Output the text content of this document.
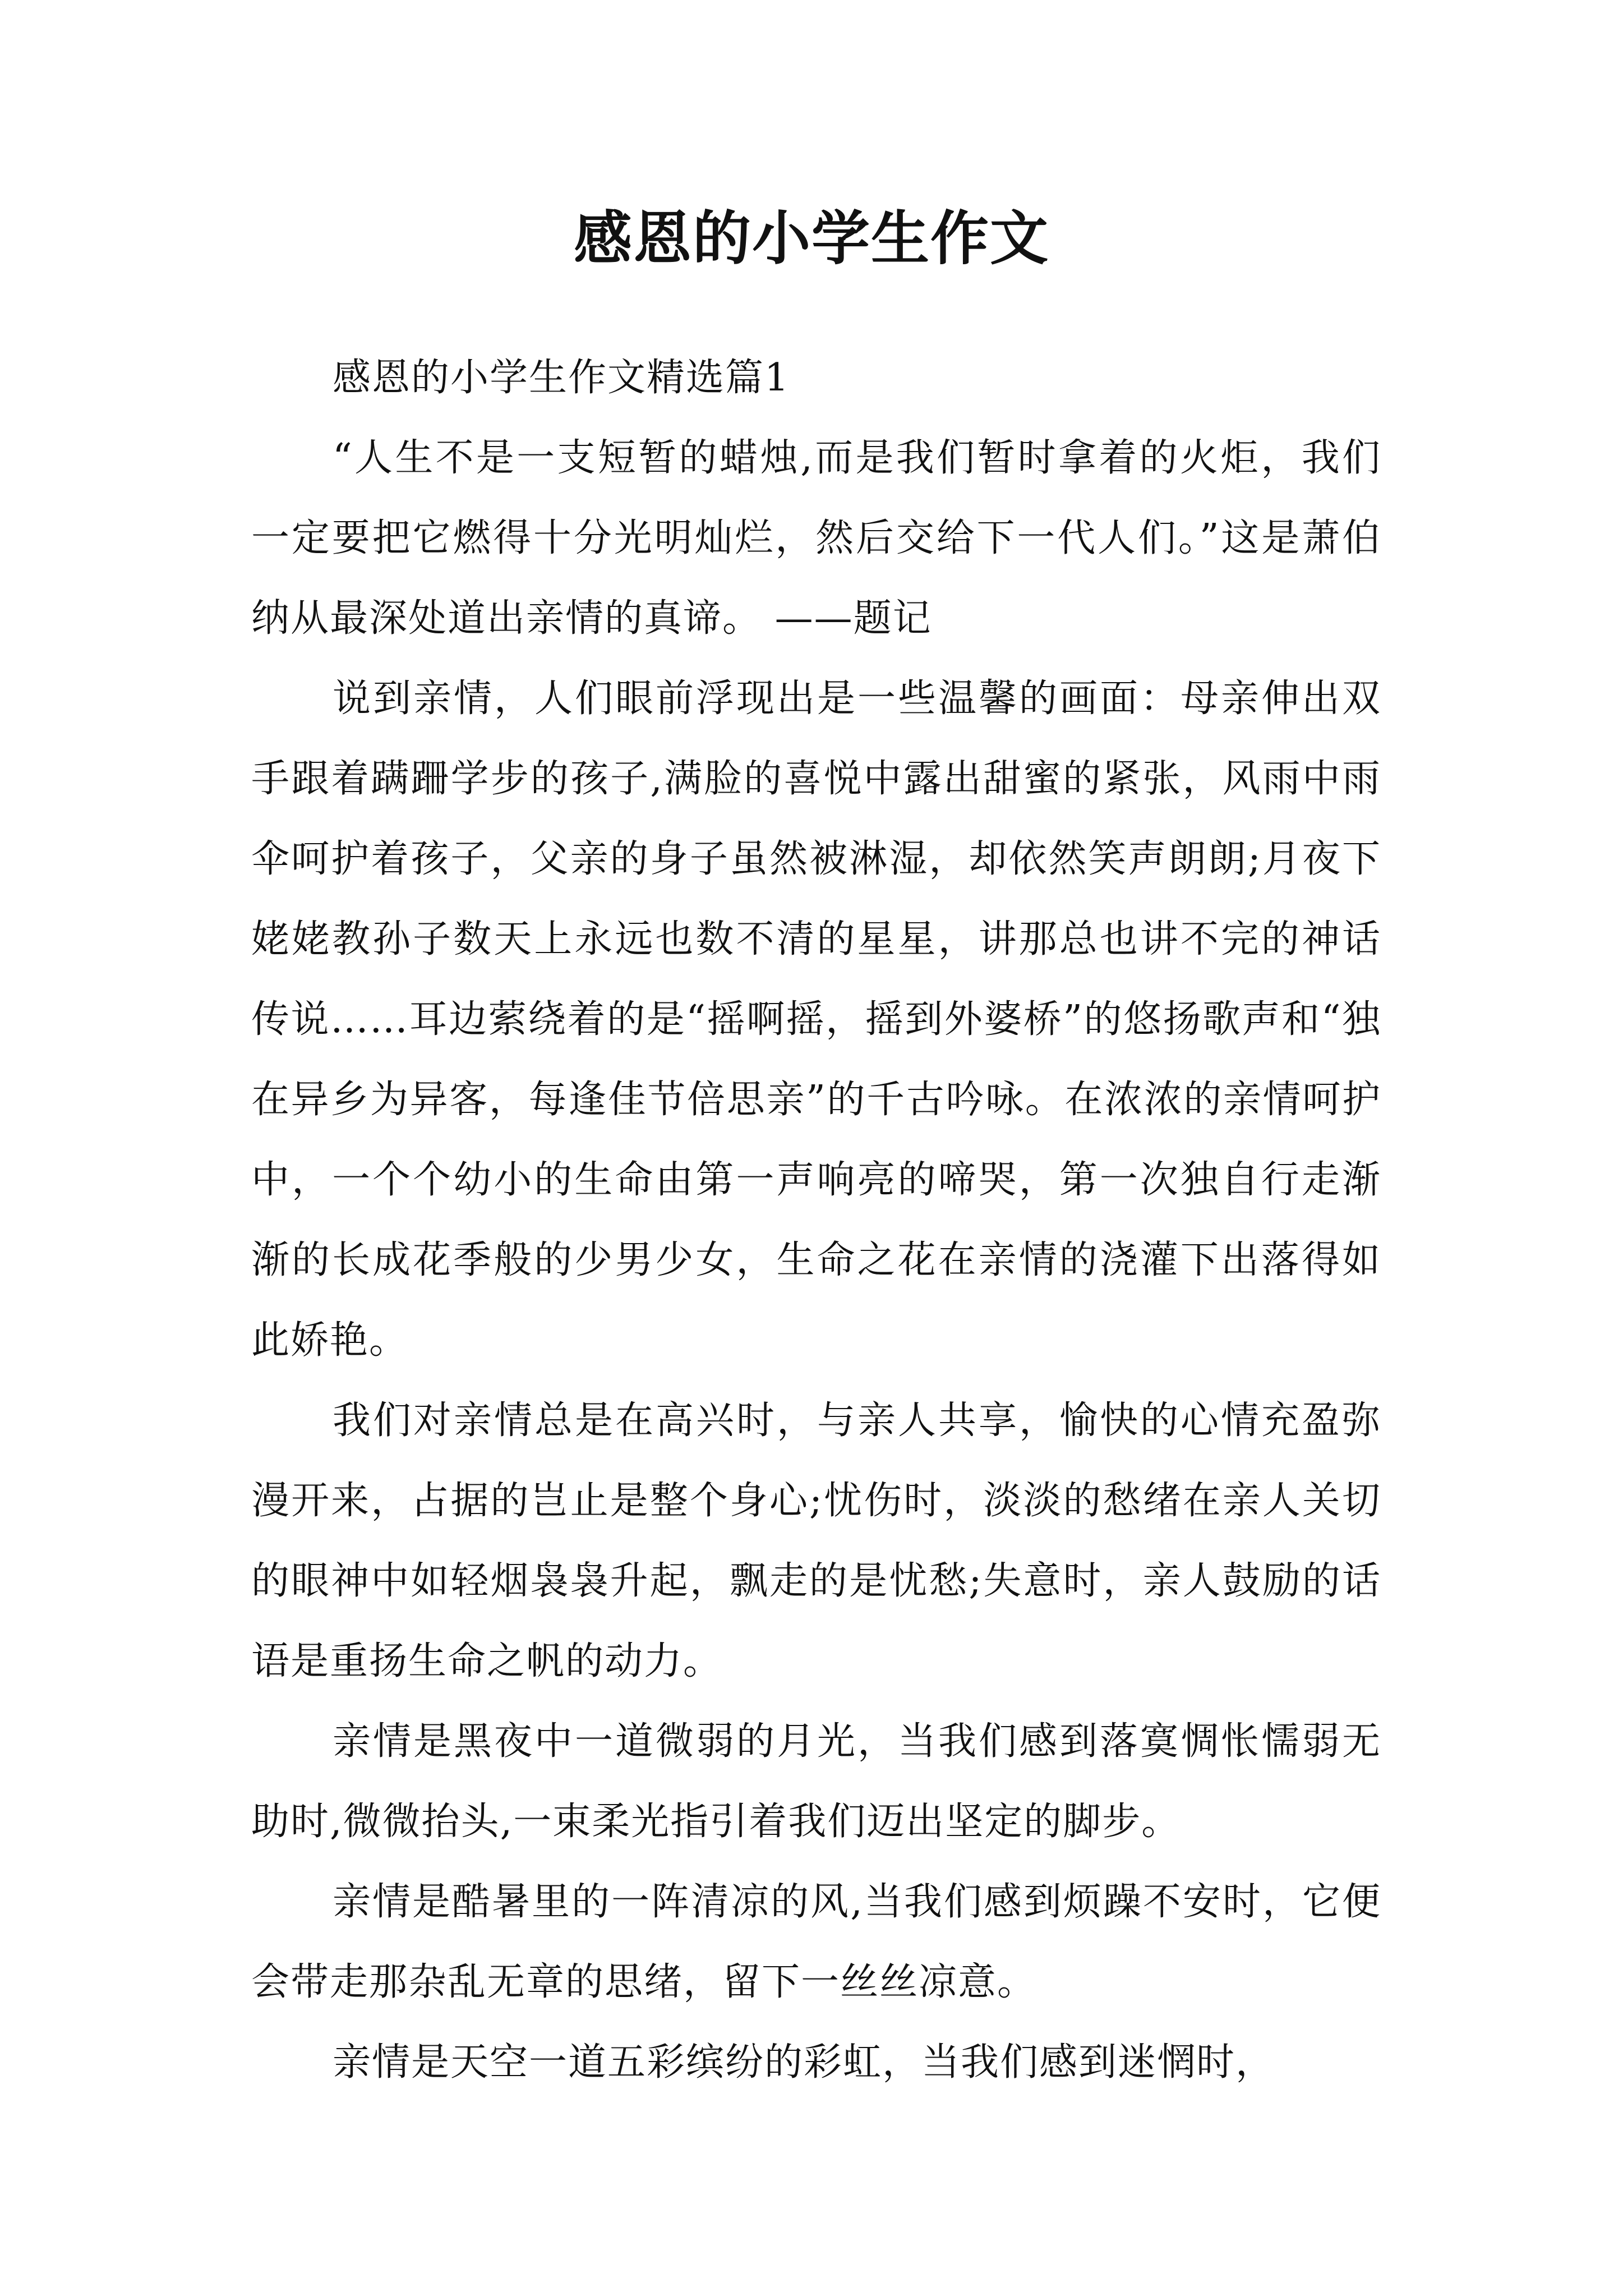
感恩的小学生作文

感恩的小学生作文精选篇1

“人生不是一支短暂的蜡烛,而是我们暂时拿着的火炬，我们一定要把它燃得十分光明灿烂，然后交给下一代人们。”这是萧伯纳从最深处道出亲情的真谛。 ——题记

说到亲情，人们眼前浮现出是一些温馨的画面：母亲伸出双手跟着蹒跚学步的孩子,满脸的喜悦中露出甜蜜的紧张，风雨中雨伞呵护着孩子，父亲的身子虽然被淋湿，却依然笑声朗朗;月夜下姥姥教孙子数天上永远也数不清的星星，讲那总也讲不完的神话传说……耳边萦绕着的是“摇啊摇，摇到外婆桥”的悠扬歌声和“独在异乡为异客，每逢佳节倍思亲”的千古吟咏。在浓浓的亲情呵护中，一个个幼小的生命由第一声响亮的啼哭，第一次独自行走渐渐的长成花季般的少男少女，生命之花在亲情的浇灌下出落得如此娇艳。

我们对亲情总是在高兴时，与亲人共享，愉快的心情充盈弥漫开来，占据的岂止是整个身心;忧伤时，淡淡的愁绪在亲人关切的眼神中如轻烟袅袅升起，飘走的是忧愁;失意时，亲人鼓励的话语是重扬生命之帆的动力。

亲情是黑夜中一道微弱的月光，当我们感到落寞惆怅懦弱无助时,微微抬头,一束柔光指引着我们迈出坚定的脚步。

亲情是酷暑里的一阵清凉的风,当我们感到烦躁不安时，它便会带走那杂乱无章的思绪，留下一丝丝凉意。

亲情是天空一道五彩缤纷的彩虹，当我们感到迷惘时，
